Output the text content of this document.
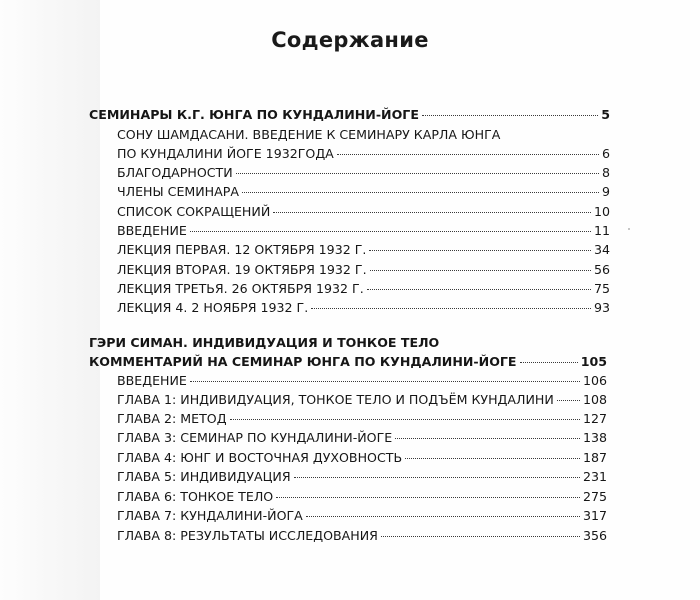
Содержание
СЕМИНАРЫ К.Г. ЮНГА ПО КУНДАЛИНИ-ЙОГЕ	5
СОНУ ШАМДАСАНИ. ВВЕДЕНИЕ К СЕМИНАРУ КАРЛА ЮНГА
ПО КУНДАЛИНИ ЙОГЕ 1932ГОДА	6
БЛАГОДАРНОСТИ	8
ЧЛЕНЫ СЕМИНАРА	9
СПИСОК СОКРАЩЕНИЙ	10
ВВЕДЕНИЕ	11
ЛЕКЦИЯ ПЕРВАЯ. 12 ОКТЯБРЯ 1932 Г.	34
ЛЕКЦИЯ ВТОРАЯ. 19 ОКТЯБРЯ 1932 Г.	56
ЛЕКЦИЯ ТРЕТЬЯ. 26 ОКТЯБРЯ 1932 Г.	75
ЛЕКЦИЯ 4. 2 НОЯБРЯ 1932 Г.	93
ГЭРИ СИМАН. ИНДИВИДУАЦИЯ И ТОНКОЕ ТЕЛО
КОММЕНТАРИЙ НА СЕМИНАР ЮНГА ПО КУНДАЛИНИ-ЙОГЕ	105
ВВЕДЕНИЕ	106
ГЛАВА 1: ИНДИВИДУАЦИЯ, ТОНКОЕ ТЕЛО И ПОДЪЁМ КУНДАЛИНИ 108
ГЛАВА 2: МЕТОД	127
ГЛАВА 3: СЕМИНАР ПО КУНДАЛИНИ-ЙОГЕ	138
ГЛАВА 4: ЮНГ И ВОСТОЧНАЯ ДУХОВНОСТЬ	187
ГЛАВА 5: ИНДИВИДУАЦИЯ	231
ГЛАВА 6: ТОНКОЕ ТЕЛО	275
ГЛАВА 7: КУНДАЛИНИ-ЙОГА	317
ГЛАВА 8: РЕЗУЛЬТАТЫ ИССЛЕДОВАНИЯ	356
